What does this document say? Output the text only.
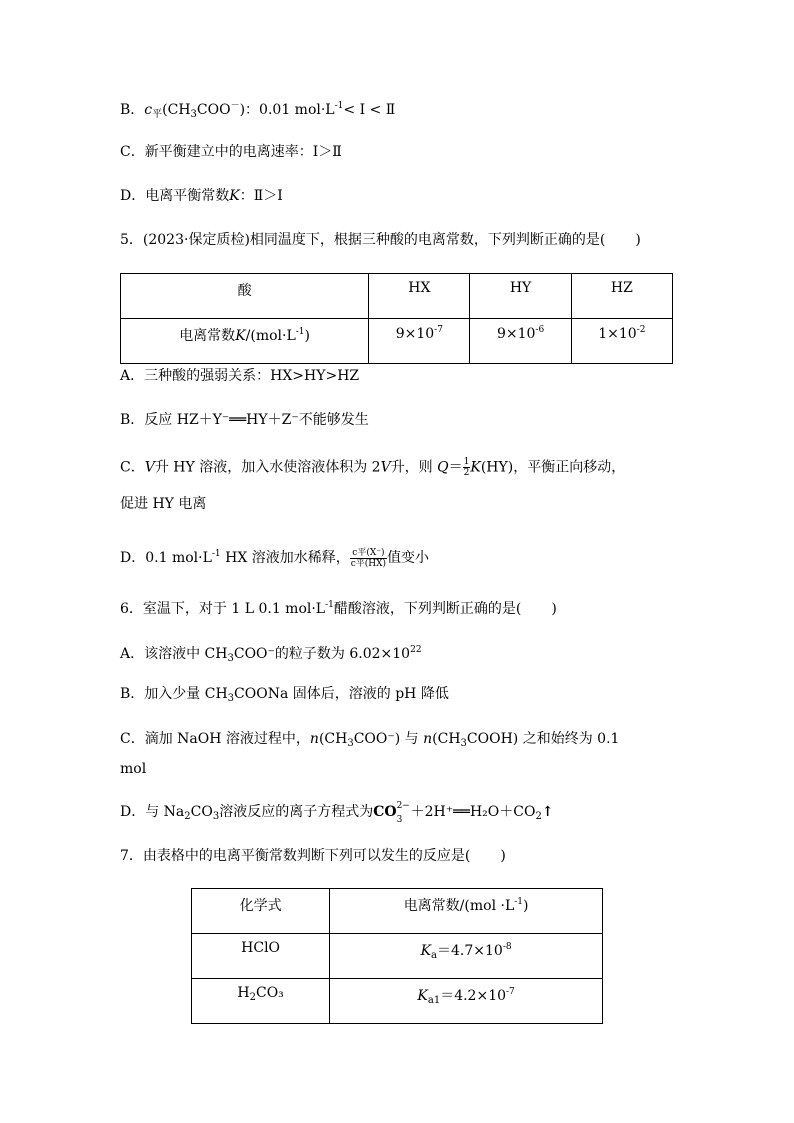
B．$c_平(CH_3COO^-)$：0.01 $mol\cdot L^{-1}<$ Ⅰ < Ⅱ
C．新平衡建立中的电离速率：Ⅰ＞Ⅱ
D．电离平衡常数K：Ⅱ＞Ⅰ
5．(2023·保定质检)相同温度下，根据三种酸的电离常数，下列判断正确的是( )
酸	HX	HY	HZ
电离常数$K/(mol\cdot L^{-1})$	$9\times 10^{-7}$	$9\times 10^{-6}$	$1\times 10^{-2}$
A．三种酸的强弱关系：HX>HY>HZ
B．反应 HZ＋Y⁻══HY＋Z⁻不能够发生
C．V升 HY 溶液，加入水使溶液体积为 2V升，则 $Q= \frac{1}{2} K(HY)$，平衡正向移动，
促进 HY 电离
D．0.1 $mol\cdot L^{-1}$ HX 溶液加水稀释， $\frac{\text{c平(X⁻)}}{\text{c平(HX)}}$ 值变小
6．室温下，对于 1 L 0.1 $mol\cdot L^{-1}$醋酸溶液，下列判断正确的是( )
A．该溶液中 $CH_3COO^-$的粒子数为 $6.02\times 10^{22}$
B．加入少量 $CH_3COONa$ 固体后，溶液的 pH 降低
C．滴加 NaOH 溶液过程中，$n(CH_3COO^-)$ 与 $n(CH_3COOH)$ 之和始终为 0.1
mol
D．与 $Na_2CO_3$溶液反应的离子方程式为CO 2−
$3 +2H^+══H_2O+CO_2↑$
7．由表格中的电离平衡常数判断下列可以发生的反应是( )
化学式	电离常数$/(mol \cdot L^{-1})$
HClO	$K_a=4.7\times 10^{-8}$
$H_2CO_3$	$K_{a1}=4.2\times 10^{-7}$
